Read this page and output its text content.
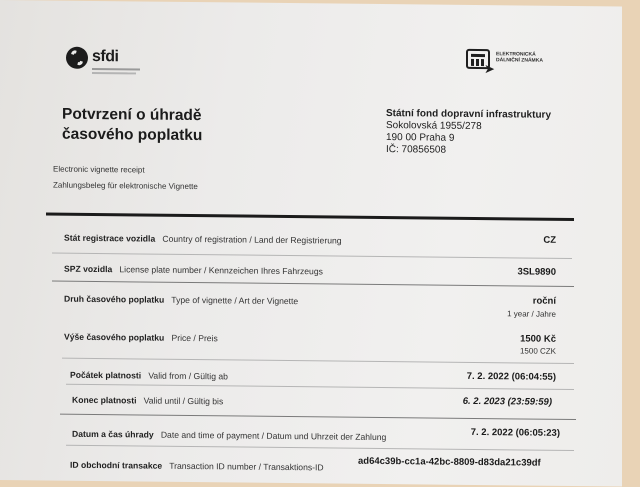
sfdi
➤
ELEKTRONICKÁ
DÁLNIČNÍ ZNÁMKA
Potvrzení o úhradě
časového poplatku
Státní fond dopravní infrastruktury
Sokolovská 1955/278
190 00 Praha 9
IČ: 70856508
Electronic vignette receipt
Zahlungsbeleg für elektronische Vignette
Stát registrace vozidla Country of registration / Land der Registrierung	CZ
SPZ vozidla License plate number / Kennzeichen Ihres Fahrzeugs	3SL9890
Druh časového poplatku Type of vignette / Art der Vignette	roční
1 year / Jahre
Výše časového poplatku Price / Preis	1500 Kč
1500 CZK
Počátek platnosti Valid from / Gültig ab	7. 2. 2022 (06:04:55)
Konec platnosti Valid until / Gültig bis	6. 2. 2023 (23:59:59)
Datum a čas úhrady Date and time of payment / Datum und Uhrzeit der Zahlung	7. 2. 2022 (06:05:23)
ID obchodní transakce Transaction ID number / Transaktions-ID	ad64c39b-cc1a-42bc-8809-d83da21c39df
